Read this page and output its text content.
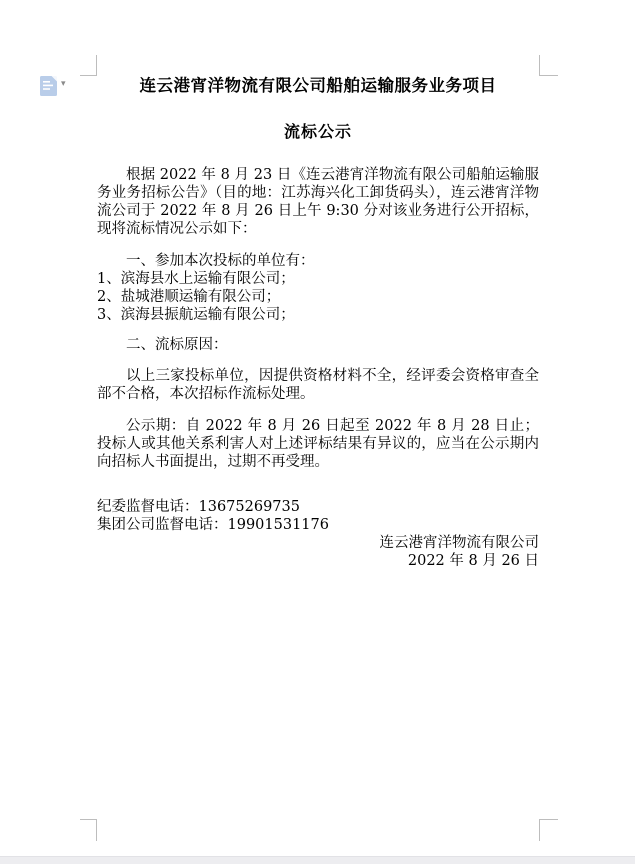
▾	连云港宵洋物流有限公司船舶运输服务业务项目
流标公示

根据 2022 年 8 月 23 日《连云港宵洋物流有限公司船舶运输服务业务招标公告》（目的地：江苏海兴化工卸货码头），连云港宵洋物流公司于 2022 年 8 月 26 日上午 9:30 分对该业务进行公开招标，现将流标情况公示如下：

一、参加本次投标的单位有：

1、滨海县水上运输有限公司；
2、盐城港顺运输有限公司；
3、滨海县振航运输有限公司；

二、流标原因：

以上三家投标单位，因提供资格材料不全，经评委会资格审查全部不合格，本次招标作流标处理。

公示期：自 2022 年 8 月 26 日起至 2022 年 8 月 28 日止；投标人或其他关系利害人对上述评标结果有异议的，应当在公示期内向招标人书面提出，过期不再受理。

纪委监督电话：13675269735
集团公司监督电话：19901531176
连云港宵洋物流有限公司
2022 年 8 月 26 日
